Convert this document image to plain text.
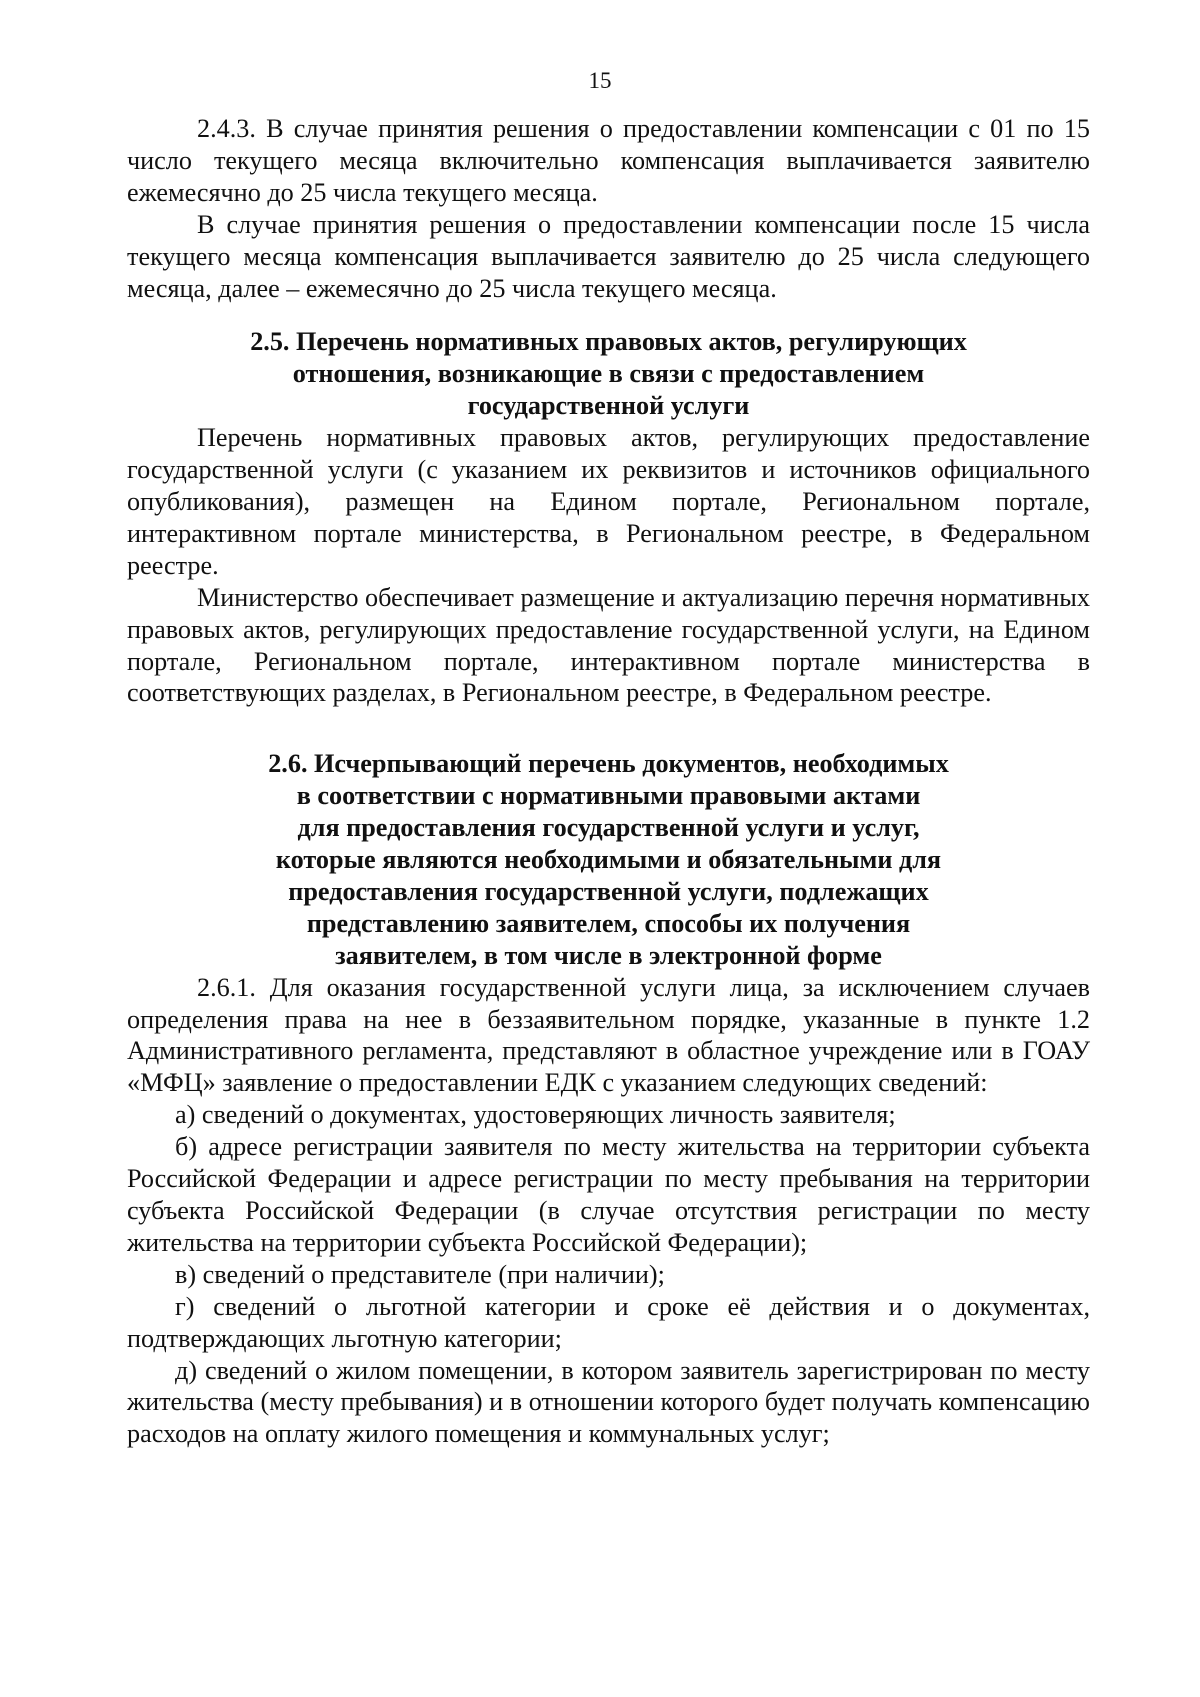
15

2.4.3. В случае принятия решения о предоставлении компенсации с 01 по 15 число текущего месяца включительно компенсация выплачивается заявителю ежемесячно до 25 числа текущего месяца.

В случае принятия решения о предоставлении компенсации после 15 числа текущего месяца компенсация выплачивается заявителю до 25 числа следующего месяца, далее – ежемесячно до 25 числа текущего месяца.

2.5. Перечень нормативных правовых актов, регулирующих
отношения, возникающие в связи с предоставлением
государственной услуги

Перечень нормативных правовых актов, регулирующих предоставление государственной услуги (с указанием их реквизитов и источников официального опубликования), размещен на Едином портале, Региональном портале, интерактивном портале министерства, в Региональном реестре, в Федеральном реестре.

Министерство обеспечивает размещение и актуализацию перечня нормативных правовых актов, регулирующих предоставление государственной услуги, на Едином портале, Региональном портале, интерактивном портале министерства в соответствующих разделах, в Региональном реестре, в Федеральном реестре.

2.6. Исчерпывающий перечень документов, необходимых
в соответствии с нормативными правовыми актами
для предоставления государственной услуги и услуг,
которые являются необходимыми и обязательными для
предоставления государственной услуги, подлежащих
представлению заявителем, способы их получения
заявителем, в том числе в электронной форме

2.6.1. Для оказания государственной услуги лица, за исключением случаев определения права на нее в беззаявительном порядке, указанные в пункте 1.2 Административного регламента, представляют в областное учреждение или в ГОАУ «МФЦ» заявление о предоставлении ЕДК с указанием следующих сведений:

а) сведений о документах, удостоверяющих личность заявителя;

б) адресе регистрации заявителя по месту жительства на территории субъекта Российской Федерации и адресе регистрации по месту пребывания на территории субъекта Российской Федерации (в случае отсутствия регистрации по месту жительства на территории субъекта Российской Федерации);

в) сведений о представителе (при наличии);

г) сведений о льготной категории и сроке её действия и о документах, подтверждающих льготную категории;

д) сведений о жилом помещении, в котором заявитель зарегистрирован по месту жительства (месту пребывания) и в отношении которого будет получать компенсацию расходов на оплату жилого помещения и коммунальных услуг;
